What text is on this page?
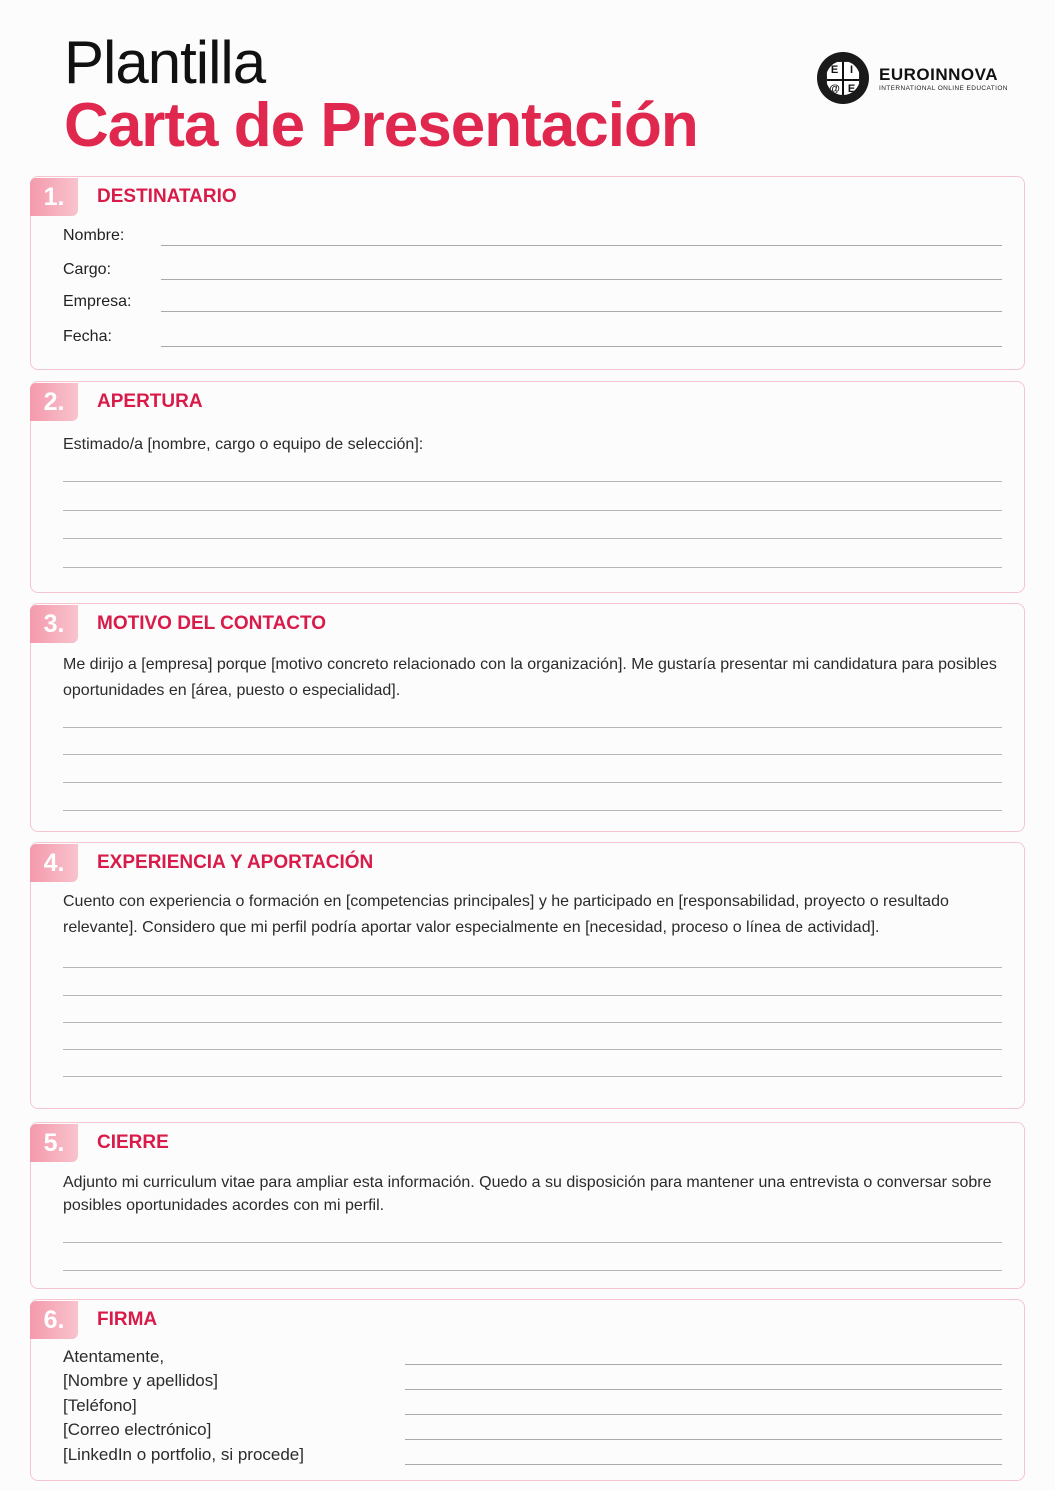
Plantilla
Carta de Presentación
E	I
@ E
EUROINNOVA
INTERNATIONAL ONLINE EDUCATION
1.	DESTINATARIO
Nombre:
Cargo:
Empresa:
Fecha:
2.	APERTURA
Estimado/a [nombre, cargo o equipo de selección]:
3.	MOTIVO DEL CONTACTO
Me dirijo a [empresa] porque [motivo concreto relacionado con la organización]. Me gustaría presentar mi candidatura para posibles oportunidades en [área, puesto o especialidad].
4.	EXPERIENCIA Y APORTACIÓN
Cuento con experiencia o formación en [competencias principales] y he participado en [responsabilidad, proyecto o resultado relevante]. Considero que mi perfil podría aportar valor especialmente en [necesidad, proceso o línea de actividad].
5.	CIERRE
Adjunto mi curriculum vitae para ampliar esta información. Quedo a su disposición para mantener una entrevista o conversar sobre posibles oportunidades acordes con mi perfil.
6.	FIRMA
Atentamente,
[Nombre y apellidos]
[Teléfono]
[Correo electrónico]
[LinkedIn o portfolio, si procede]
